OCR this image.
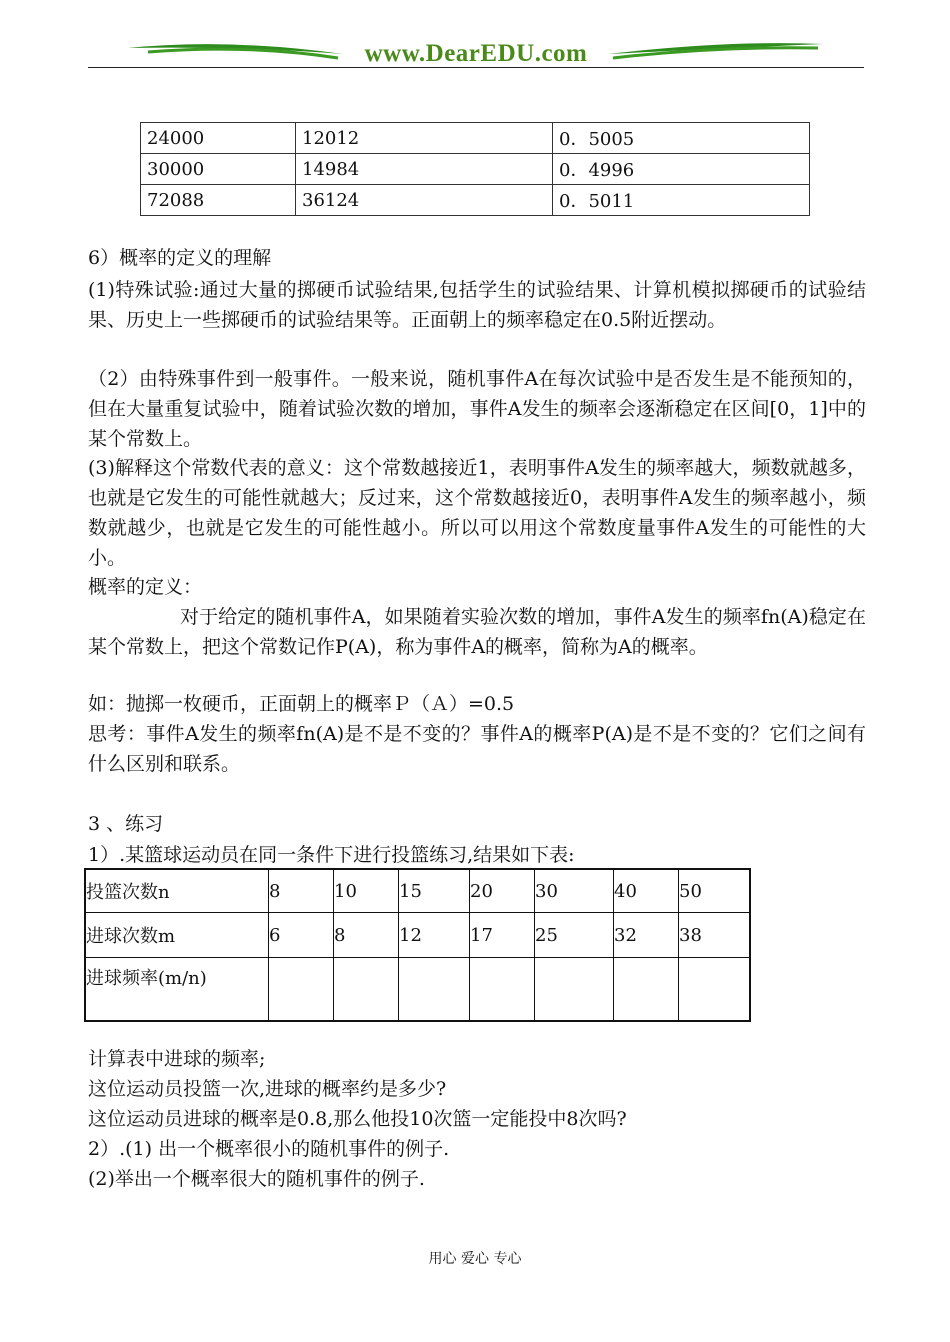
www.DearEDU.com
24000	12012	0．5005
30000	14984	0．4996
72088	36124	0．5011
6）概率的定义的理解
(1)特殊试验:通过大量的掷硬币试验结果,包括学生的试验结果、计算机模拟掷硬币的试验结果、历史上一些掷硬币的试验结果等。正面朝上的频率稳定在0.5附近摆动。
（2）由特殊事件到一般事件。一般来说，随机事件A在每次试验中是否发生是不能预知的，但在大量重复试验中，随着试验次数的增加，事件A发生的频率会逐渐稳定在区间[0，1]中的某个常数上。
(3)解释这个常数代表的意义：这个常数越接近1，表明事件A发生的频率越大，频数就越多，也就是它发生的可能性就越大；反过来，这个常数越接近0，表明事件A发生的频率越小，频数就越少，也就是它发生的可能性越小。所以可以用这个常数度量事件A发生的可能性的大小。
概率的定义：
对于给定的随机事件A，如果随着实验次数的增加，事件A发生的频率fn(A)稳定在某个常数上，把这个常数记作P(A)，称为事件A的概率，简称为A的概率。
如：抛掷一枚硬币，正面朝上的概率Ｐ（Ａ）=0.5
思考：事件A发生的频率fn(A)是不是不变的？事件A的概率P(A)是不是不变的？它们之间有什么区别和联系。
3 、练习
1）.某篮球运动员在同一条件下进行投篮练习,结果如下表:
投篮次数n	8	10	15	20	30	40	50
进球次数m	6	8	12	17	25	32	38
进球频率(m/n)							
计算表中进球的频率;
这位运动员投篮一次,进球的概率约是多少?
这位运动员进球的概率是0.8,那么他投10次篮一定能投中8次吗?
2）.(1) 出一个概率很小的随机事件的例子.
(2)举出一个概率很大的随机事件的例子.
用心 爱心 专心
